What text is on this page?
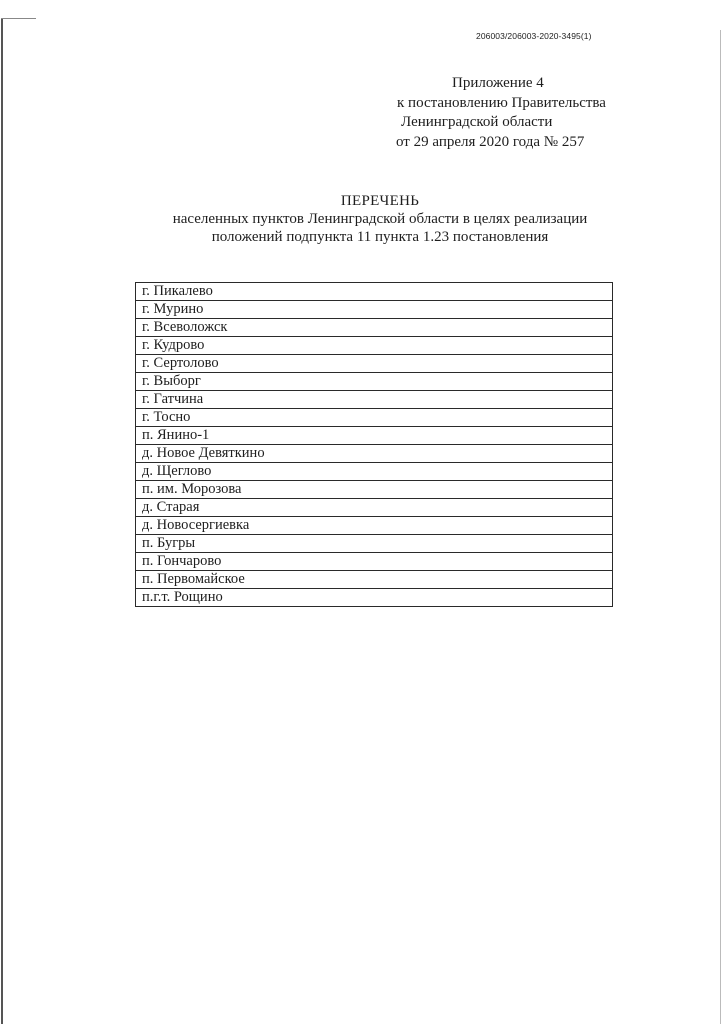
206003/206003-2020-3495(1)
Приложение 4
к постановлению Правительства
Ленинградской области
от 29 апреля 2020 года № 257
ПЕРЕЧЕНЬ
населенных пунктов Ленинградской области в целях реализации
положений подпункта 11 пункта 1.23 постановления
г. Пикалево
г. Мурино
г. Всеволожск
г. Кудрово
г. Сертолово
г. Выборг
г. Гатчина
г. Тосно
п. Янино-1
д. Новое Девяткино
д. Щеглово
п. им. Морозова
д. Старая
д. Новосергиевка
п. Бугры
п. Гончарово
п. Первомайское
п.г.т. Рощино
